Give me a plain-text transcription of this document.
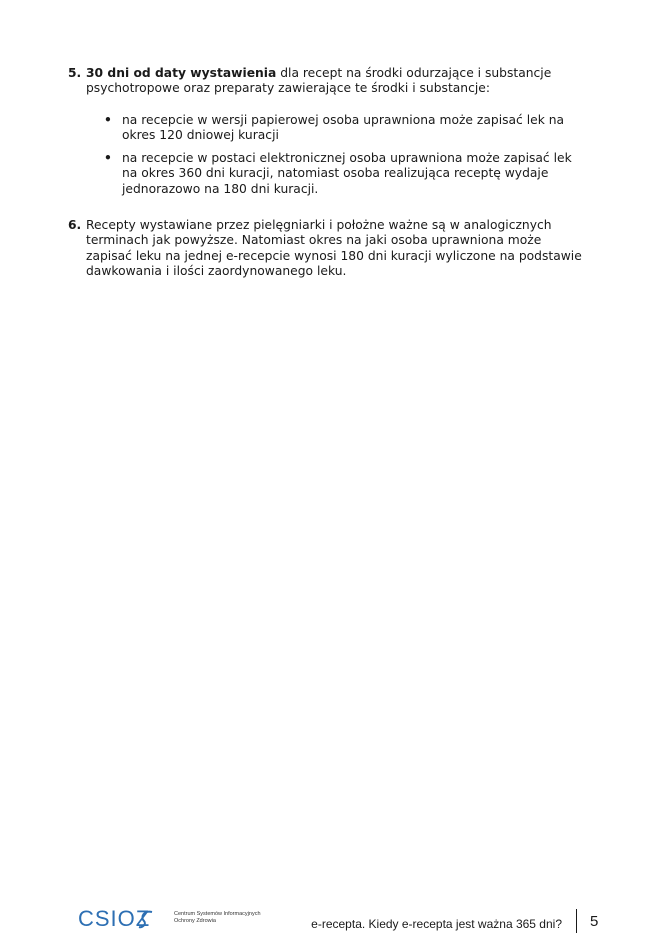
5. 30 dni od daty wystawienia dla recept na środki odurzające i substancje psychotropowe oraz preparaty zawierające te środki i substancje:
• na recepcie w wersji papierowej osoba uprawniona może zapisać lek na okres 120 dniowej kuracji
• na recepcie w postaci elektronicznej osoba uprawniona może zapisać lek na okres 360 dni kuracji, natomiast osoba realizująca receptę wydaje jednorazowo na 180 dni kuracji.
6. Recepty wystawiane przez pielęgniarki i położne ważne są w analogicznych terminach jak powyższe. Natomiast okres na jaki osoba uprawniona może zapisać leku na jednej e-recepcie wynosi 180 dni kuracji wyliczone na podstawie dawkowania i ilości zaordynowanego leku.
CSIOZ	Centrum Systemów Informacyjnych Ochrony Zdrowia	e-recepta. Kiedy e-recepta jest ważna 365 dni? 5
